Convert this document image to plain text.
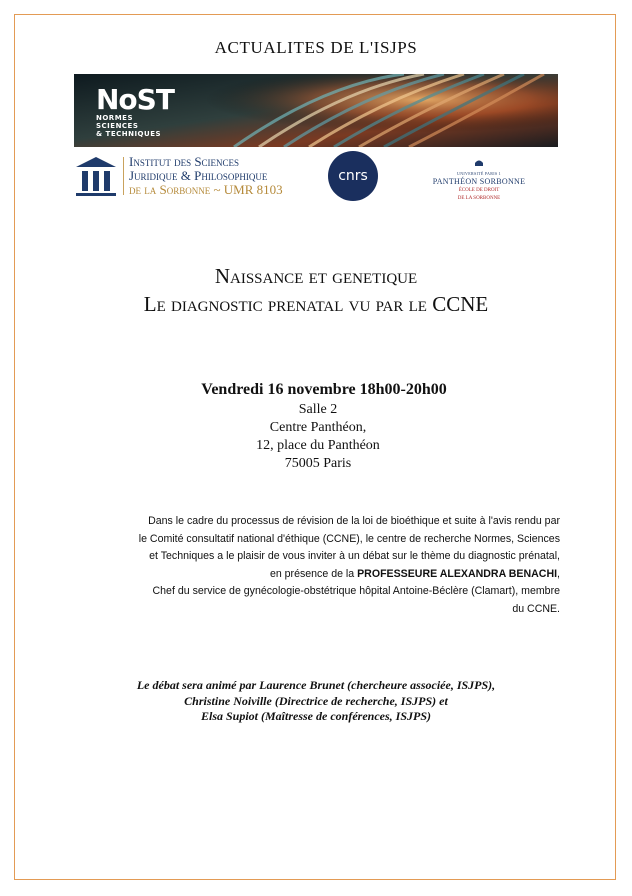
ACTUALITES DE L'ISJPS
NoST
NORMES
SCIENCES
& TECHNIQUES
Institut des Sciences
Juridique & Philosophique
de la Sorbonne ~ UMR 8103
cnrs	UNIVERSITÉ PARIS 1
PANTHÉON SORBONNE
ÉCOLE DE DROIT
DE LA SORBONNE
Naissance et genetique
Le diagnostic prenatal vu par le CCNE
Vendredi 16 novembre 18h00-20h00
Salle 2
Centre Panthéon,
12, place du Panthéon
75005 Paris
Dans le cadre du processus de révision de la loi de bioéthique et suite à l'avis rendu par
le Comité consultatif national d'éthique (CCNE), le centre de recherche Normes, Sciences
et Techniques a le plaisir de vous inviter à un débat sur le thème du diagnostic prénatal,
en présence de la PROFESSEURE ALEXANDRA BENACHI,
Chef du service de gynécologie-obstétrique hôpital Antoine-Béclère (Clamart), membre
du CCNE.
Le débat sera animé par Laurence Brunet (chercheure associée, ISJPS),
Christine Noiville (Directrice de recherche, ISJPS) et
Elsa Supiot (Maîtresse de conférences, ISJPS)
